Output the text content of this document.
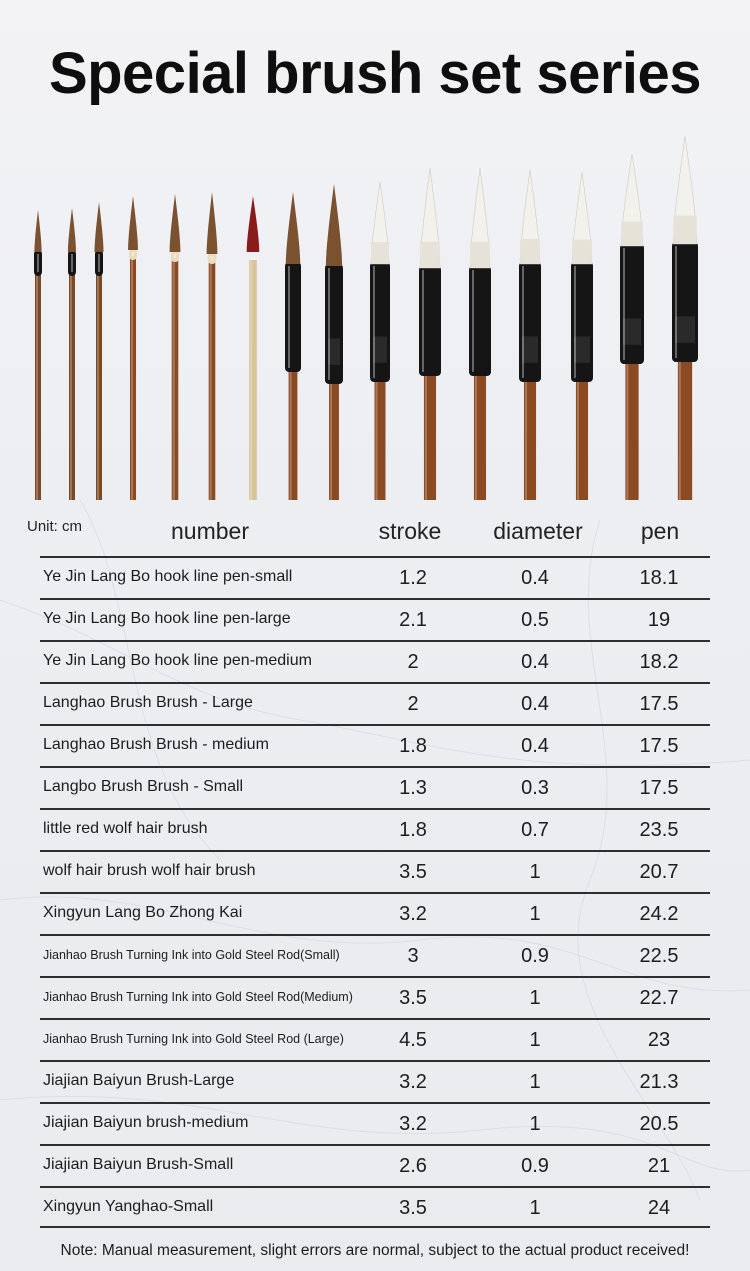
Special brush set series
Unit: cm	number	stroke	diameter	pen
Ye Jin Lang Bo hook line pen-small	1.2	0.4	18.1
Ye Jin Lang Bo hook line pen-large	2.1	0.5	19
Ye Jin Lang Bo hook line pen-medium	2	0.4	18.2
Langhao Brush Brush - Large	2	0.4	17.5
Langhao Brush Brush - medium	1.8	0.4	17.5
Langbo Brush Brush - Small	1.3	0.3	17.5
little red wolf hair brush	1.8	0.7	23.5
wolf hair brush wolf hair brush	3.5	1	20.7
Xingyun Lang Bo Zhong Kai	3.2	1	24.2
Jianhao Brush Turning Ink into Gold Steel Rod(Small)	3	0.9	22.5
Jianhao Brush Turning Ink into Gold Steel Rod(Medium)	3.5	1	22.7
Jianhao Brush Turning Ink into Gold Steel Rod (Large)	4.5	1	23
Jiajian Baiyun Brush-Large	3.2	1	21.3
Jiajian Baiyun brush-medium	3.2	1	20.5
Jiajian Baiyun Brush-Small	2.6	0.9	21
Xingyun Yanghao-Small	3.5	1	24
Note: Manual measurement, slight errors are normal, subject to the actual product received!
